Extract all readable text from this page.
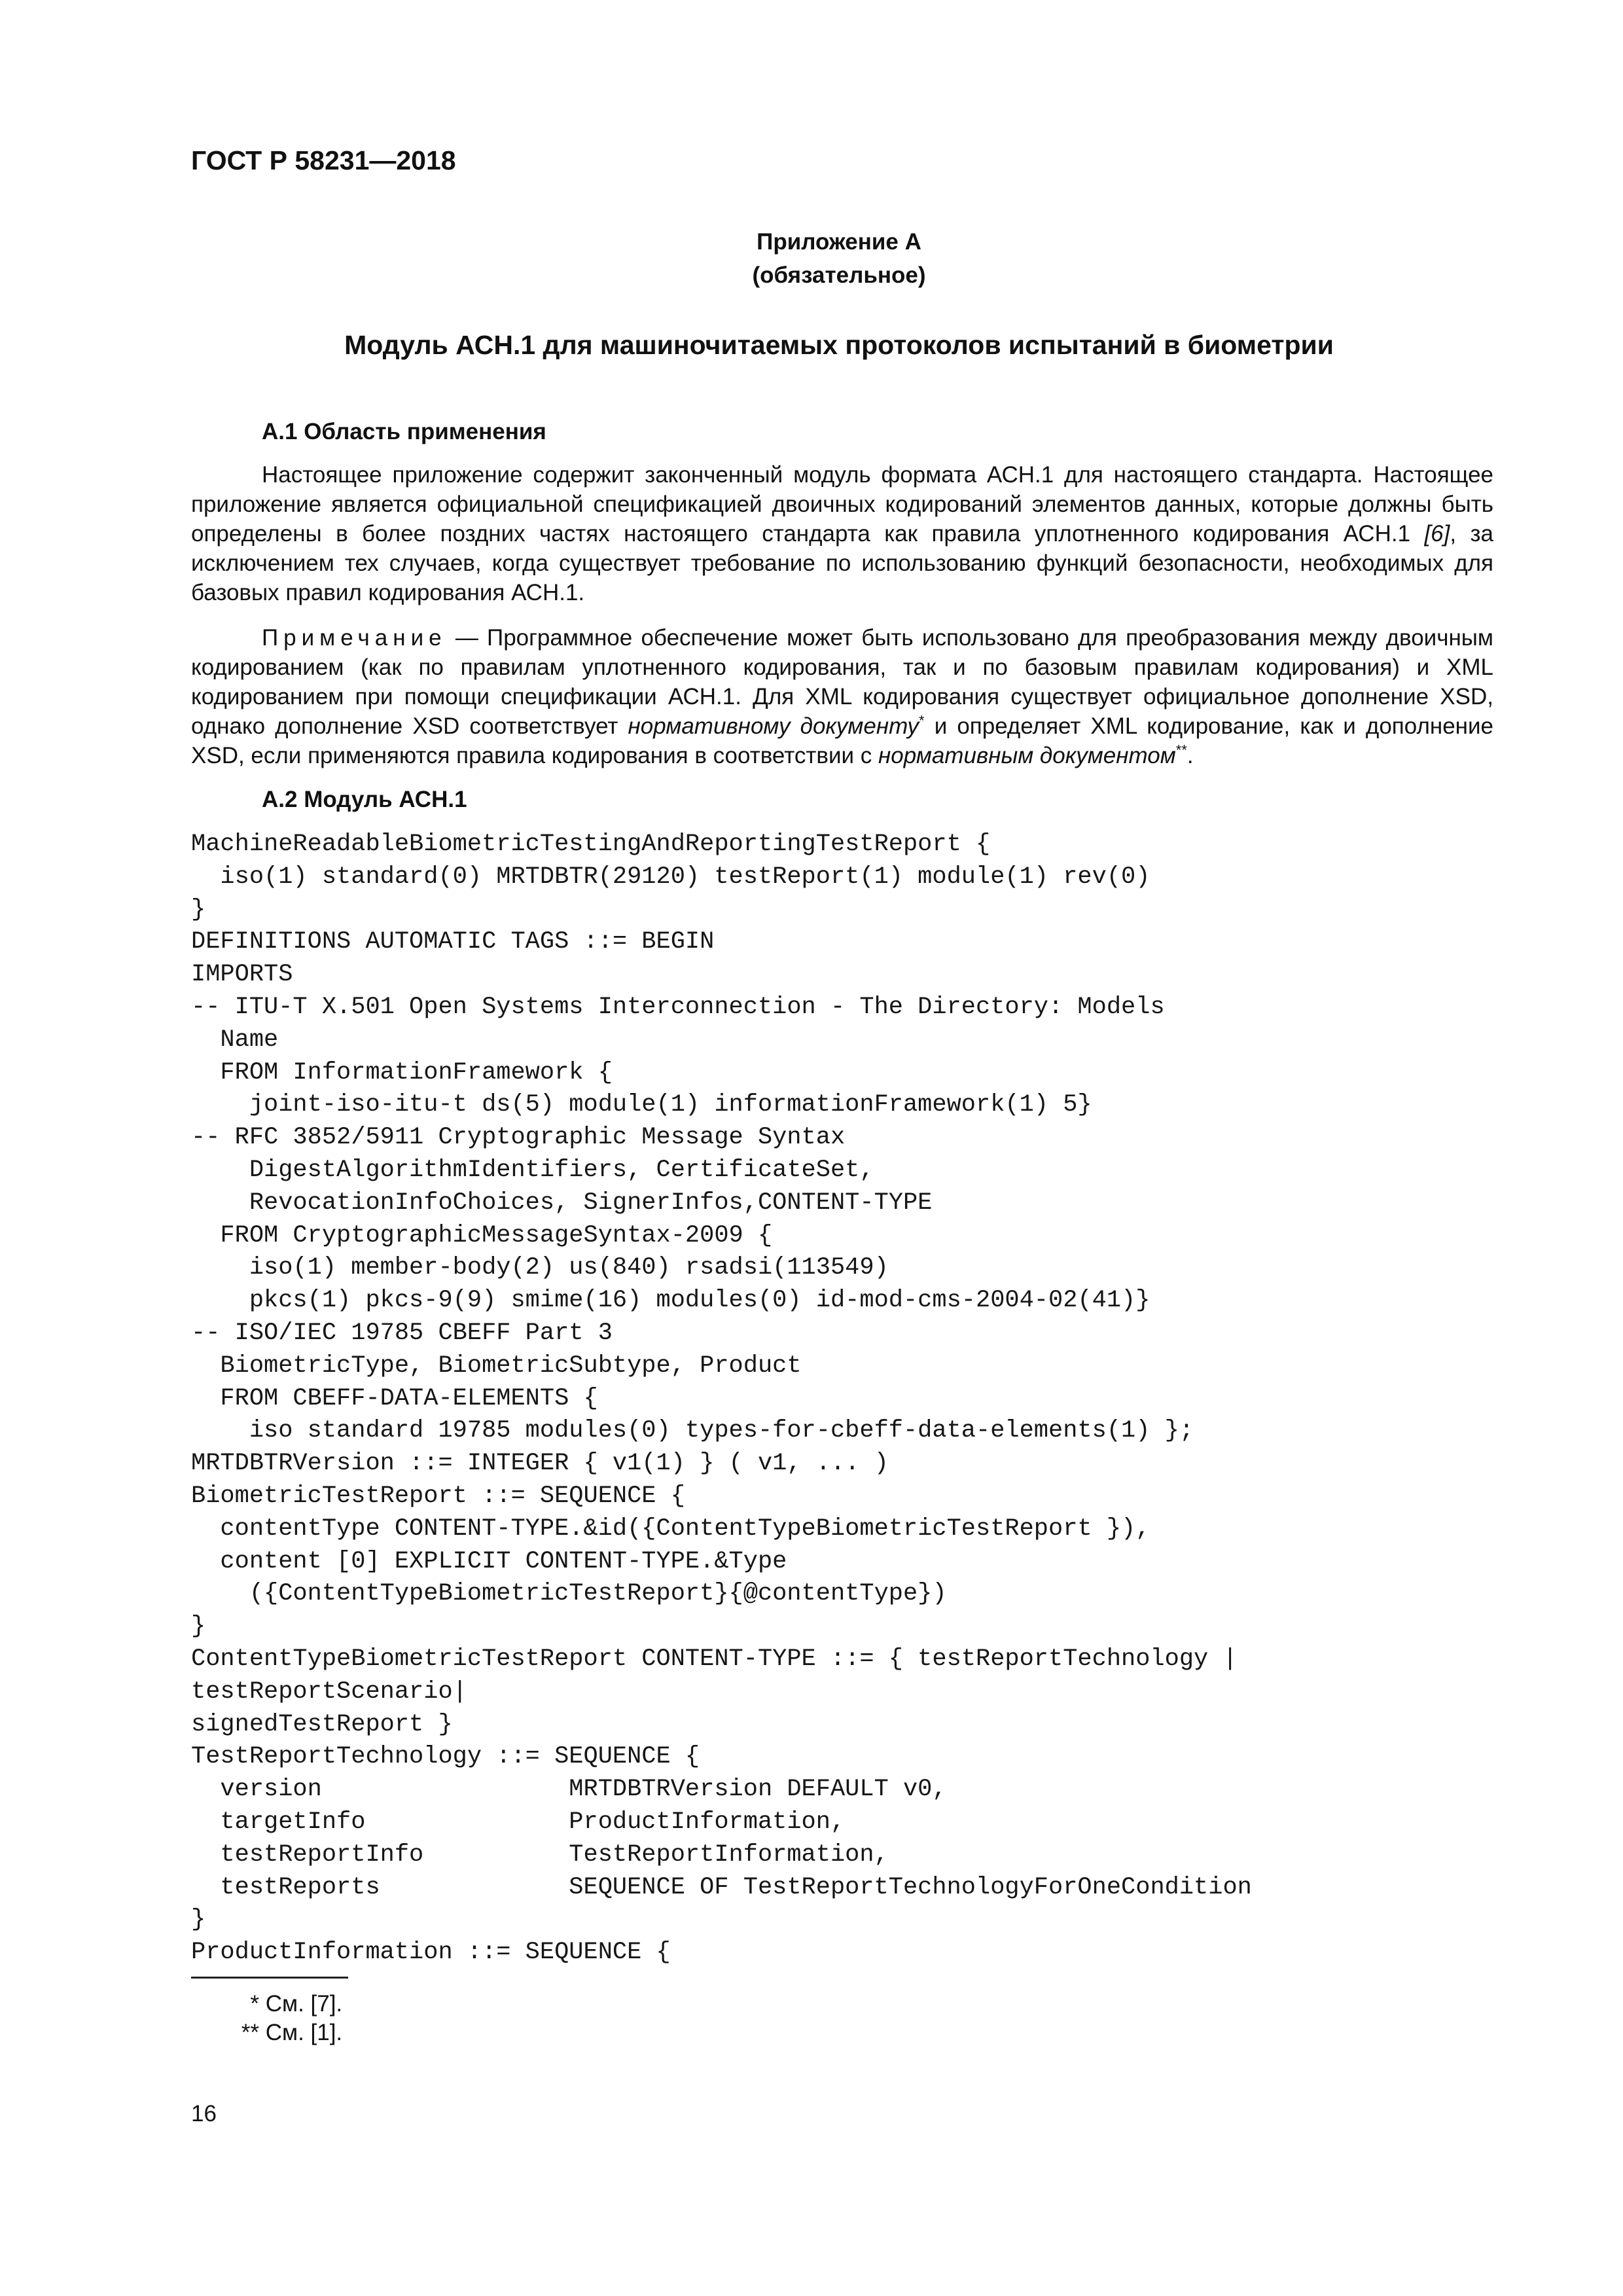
ГОСТ Р 58231—2018
Приложение А
(обязательное)
Модуль АСН.1 для машиночитаемых протоколов испытаний в биометрии
А.1 Область применения

Настоящее приложение содержит законченный модуль формата АСН.1 для настоящего стандарта. Настоящее приложение является официальной спецификацией двоичных кодирований элементов данных, которые должны быть определены в более поздних частях настоящего стандарта как правила уплотненного кодирования АСН.1 [6], за исключением тех случаев, когда существует требование по использованию функций безопасности, необходимых для базовых правил кодирования АСН.1.

Примечание — Программное обеспечение может быть использовано для преобразования между двоичным кодированием (как по правилам уплотненного кодирования, так и по базовым правилам кодирования) и XML кодированием при помощи спецификации АСН.1. Для XML кодирования существует официальное дополнение XSD, однако дополнение XSD соответствует нормативному документу* и определяет XML кодирование, как и дополнение XSD, если применяются правила кодирования в соответствии с нормативным документом**.

А.2 Модуль АСН.1
MachineReadableBiometricTestingAndReportingTestReport {
iso(1) standard(0) MRTDBTR(29120) testReport(1) module(1) rev(0)
}
DEFINITIONS AUTOMATIC TAGS ::= BEGIN
IMPORTS
-- ITU-T X.501 Open Systems Interconnection - The Directory: Models
Name
FROM InformationFramework {
joint-iso-itu-t ds(5) module(1) informationFramework(1) 5}
-- RFC 3852/5911 Cryptographic Message Syntax
DigestAlgorithmIdentifiers, CertificateSet,
RevocationInfoChoices, SignerInfos,CONTENT-TYPE
FROM CryptographicMessageSyntax-2009 {
iso(1) member-body(2) us(840) rsadsi(113549)
pkcs(1) pkcs-9(9) smime(16) modules(0) id-mod-cms-2004-02(41)}
-- ISO/IEC 19785 CBEFF Part 3
BiometricType, BiometricSubtype, Product
FROM CBEFF-DATA-ELEMENTS {
iso standard 19785 modules(0) types-for-cbeff-data-elements(1) };
MRTDBTRVersion ::= INTEGER { v1(1) } ( v1, ... )
BiometricTestReport ::= SEQUENCE {
contentType CONTENT-TYPE.&id({ContentTypeBiometricTestReport }),
content [0] EXPLICIT CONTENT-TYPE.&Type
({ContentTypeBiometricTestReport}{@contentType})
}
ContentTypeBiometricTestReport CONTENT-TYPE ::= { testReportTechnology |
testReportScenario|
signedTestReport }
TestReportTechnology ::= SEQUENCE {
version                 MRTDBTRVersion DEFAULT v0,
targetInfo              ProductInformation,
testReportInfo          TestReportInformation,
testReports             SEQUENCE OF TestReportTechnologyForOneCondition
}
ProductInformation ::= SEQUENCE {
* См. [7].
** См. [1].
16
